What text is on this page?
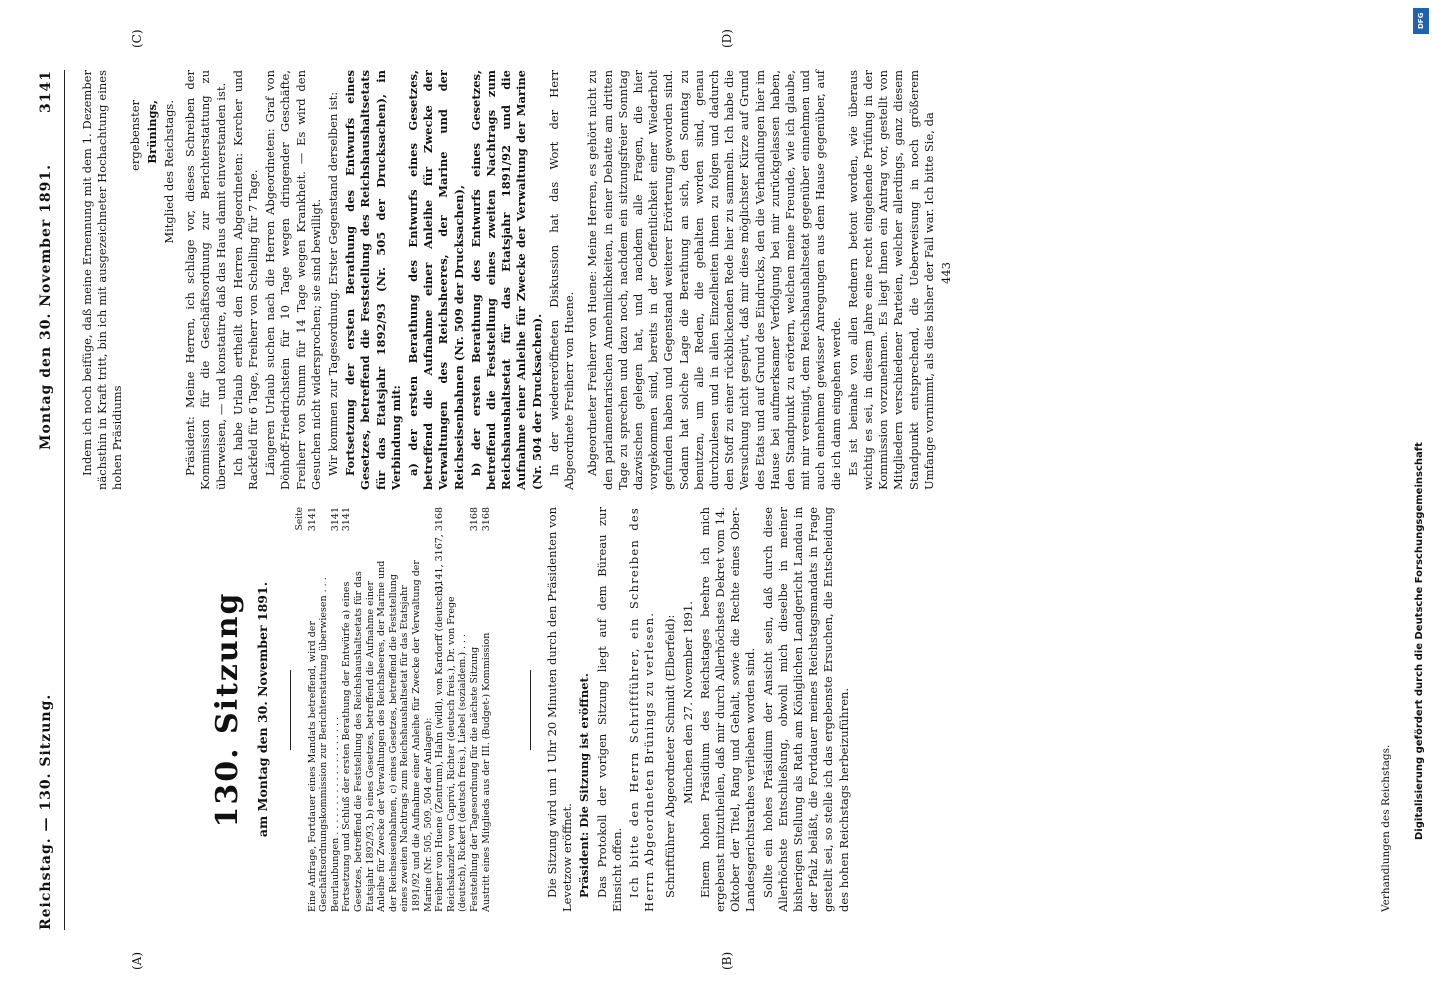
Reichstag. — 130. Sitzung.
Montag den 30. November 1891.
3141
(A)	(B)
(C)	(D)
130. Sitzung am Montag den 30. November 1891.
Seite
Eine Anfrage, Fortdauer eines Mandats betreffend, wird der Geschäftsordnungskommission zur Berichterstattung überwiesen . . .
3141
Beurlaubungen . . . . . . . . . . . . . . . . . . . .
3141
Fortsetzung und Schluß der ersten Berathung der Entwürfe a) eines Gesetzes, betreffend die Feststellung des Reichshaushaltsetats für das Etatsjahr 1892/93, b) eines Gesetzes, betreffend die Aufnahme einer Anleihe für Zwecke der Verwaltungen des Reichsheeres, der Marine und der Reichseisenbahnen, c) eines Gesetzes, betreffend die Feststellung eines zweiten Nachtrags zum Reichshaushaltsetat für das Etatsjahr 1891/92 und die Aufnahme einer Anleihe für Zwecke der Verwaltung der Marine (Nr. 505, 509, 504 der Anlagen):
3141
Freiherr von Huene (Zentrum), Hahn (wild), von Kardorff (deutsch), Reichskanzler von Caprivi, Richter (deutsch freis.), Dr. von Frege (deutsch), Rickert (deutsch freis.), Liebel (sozialdem.) . . .
3141, 3167, 3168
Feststellung der Tagesordnung für die nächste Sitzung
3168
Austritt eines Mitglieds aus der III. (Budget-) Kommission
3168	Die Sitzung wird um 1 Uhr 20 Minuten durch den Präsidenten von Levetzow eröffnet. Präsident: Die Sitzung ist eröffnet. Das Protokoll der vorigen Sitzung liegt auf dem Büreau zur Einsicht offen. Ich bitte den Herrn Schriftführer, ein Schreiben des Herrn Abgeordneten Brünings zu verlesen. Schriftführer Abgeordneter Schmidt (Elberfeld): München den 27. November 1891. Einem hohen Präsidium des Reichstages beehre ich mich ergebenst mitzutheilen, daß mir durch Allerhöchstes Dekret vom 14. Oktober der Titel, Rang und Gehalt, sowie die Rechte eines Ober-Landesgerichtsrathes verliehen worden sind. Sollte ein hohes Präsidium der Ansicht sein, daß durch diese Allerhöchste Entschließung, obwohl mich dieselbe in meiner bisherigen Stellung als Rath am Königlichen Landgericht Landau in der Pfalz beläßt, die Fortdauer meines Reichstagsmandats in Frage gestellt sei, so stelle ich das ergebenste Ersuchen, die Entscheidung des hohen Reichstags herbeizuführen.	Verhandlungen des Reichstags.

Indem ich noch beifüge, daß meine Ernennung mit dem 1. Dezember nächsthin in Kraft tritt, bin ich mit ausgezeichneter Hochachtung eines hohen Präsidiums

ergebenster Brünings, Mitglied des Reichstags. Präsident: Meine Herren, ich schlage vor, dieses Schreiben der Kommission für die Geschäftsordnung zur Berichterstattung zu überweisen, — und konstatire, daß das Haus damit einverstanden ist. Ich habe Urlaub ertheilt den Herren Abgeordneten: Kercher und Rackfeld für 6 Tage, Freiherr von Schelling für 7 Tage. Längeren Urlaub suchen nach die Herren Abgeordneten: Graf von Dönhoff-Friedrichstein für 10 Tage wegen dringender Geschäfte, Freiherr von Stumm für 14 Tage wegen Krankheit. — Es wird den Gesuchen nicht widersprochen; sie sind bewilligt. Wir kommen zur Tagesordnung. Erster Gegenstand derselben ist: Fortsetzung der ersten Berathung des Entwurfs eines Gesetzes, betreffend die Feststellung des Reichshaushaltsetats für das Etatsjahr 1892/93 (Nr. 505 der Drucksachen), in Verbindung mit: a) der ersten Berathung des Entwurfs eines Gesetzes, betreffend die Aufnahme einer Anleihe für Zwecke der Verwaltungen des Reichsheeres, der Marine und der Reichseisenbahnen (Nr. 509 der Drucksachen), b) der ersten Berathung des Entwurfs eines Gesetzes, betreffend die Feststellung eines zweiten Nachtrags zum Reichshaushaltsetat für das Etatsjahr 1891/92 und die Aufnahme einer Anleihe für Zwecke der Verwaltung der Marine (Nr. 504 der Drucksachen). In der wiedereröffneten Diskussion hat das Wort der Herr Abgeordnete Freiherr von Huene. Abgeordneter Freiherr von Huene: Meine Herren, es gehört nicht zu den parlamentarischen Annehmlichkeiten, in einer Debatte am dritten Tage zu sprechen und dazu noch, nachdem ein sitzungsfreier Sonntag dazwischen gelegen hat, und nachdem alle Fragen, die hier vorgekommen sind, bereits in der Oeffentlichkeit einer Wiederholt gefunden haben und Gegenstand weiterer Erörterung geworden sind. Sodann hat solche Lage die Berathung an sich, den Sonntag zu benutzen, um alle Reden, die gehalten worden sind, genau durchzulesen und in allen Einzelheiten ihnen zu folgen und dadurch den Stoff zu einer rückblickenden Rede hier zu sammeln. Ich habe die Versuchung nicht gespürt, daß mir diese möglichster Kürze auf Grund des Etats und auf Grund des Eindrucks, den die Verhandlungen hier im Hause bei aufmerksamer Verfolgung bei mir zurückgelassen haben, den Standpunkt zu erörtern, welchen meine Freunde, wie ich glaube, mit mir vereinigt, dem Reichshaushaltsetat gegenüber einnehmen und auch einnehmen gewisser Anregungen aus dem Hause gegenüber, auf die ich dann eingehen werde. Es ist beinahe von allen Rednern betont worden, wie überaus wichtig es sei, in diesem Jahre eine recht eingehende Prüfung in der Kommission vorzunehmen. Es liegt Ihnen ein Antrag vor, gestellt von Mitgliedern verschiedener Parteien, welcher allerdings, ganz diesem Standpunkt entsprechend, die Ueberweisung in noch größerem Umfange vornimmt, als dies bisher der Fall war. Ich bitte Sie, da 443

DFG
Digitalisierung gefördert durch die Deutsche Forschungsgemeinschaft
